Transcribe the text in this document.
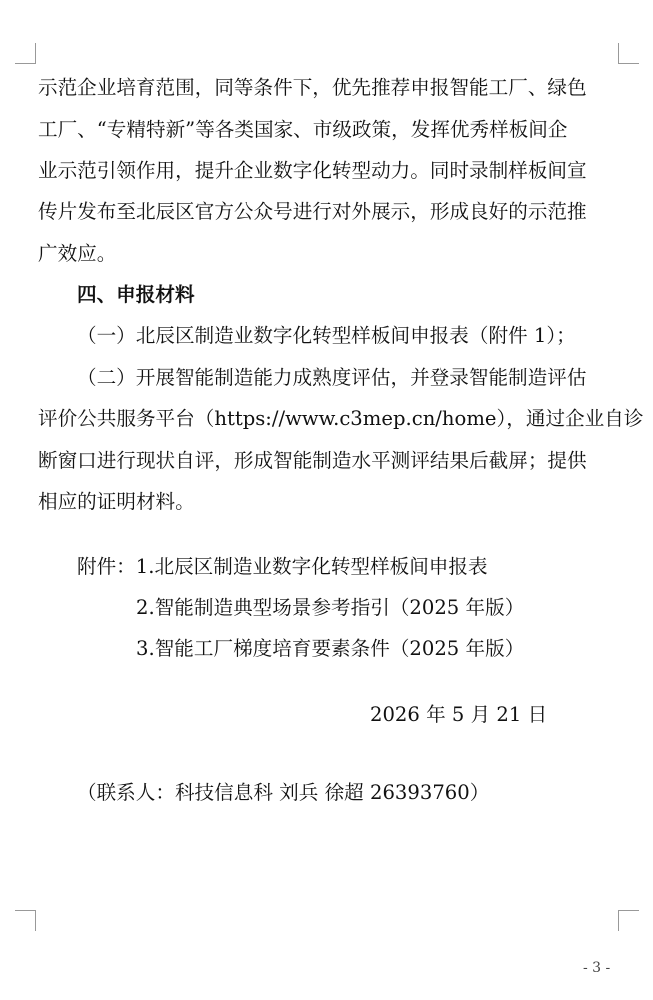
示范企业培育范围，同等条件下，优先推荐申报智能工厂、绿色
工厂、“专精特新”等各类国家、市级政策，发挥优秀样板间企
业示范引领作用，提升企业数字化转型动力。同时录制样板间宣
传片发布至北辰区官方公众号进行对外展示，形成良好的示范推
广效应。
四、申报材料
（一）北辰区制造业数字化转型样板间申报表（附件 1）；
（二）开展智能制造能力成熟度评估，并登录智能制造评估
评价公共服务平台（https://www.c3mep.cn/home），通过企业自诊
断窗口进行现状自评，形成智能制造水平测评结果后截屏；提供
相应的证明材料。
附件：1.北辰区制造业数字化转型样板间申报表
2.智能制造典型场景参考指引（2025 年版）
3.智能工厂梯度培育要素条件（2025 年版）
2026 年 5 月 21 日
（联系人：科技信息科 刘兵 徐超 26393760）
- 3 -
